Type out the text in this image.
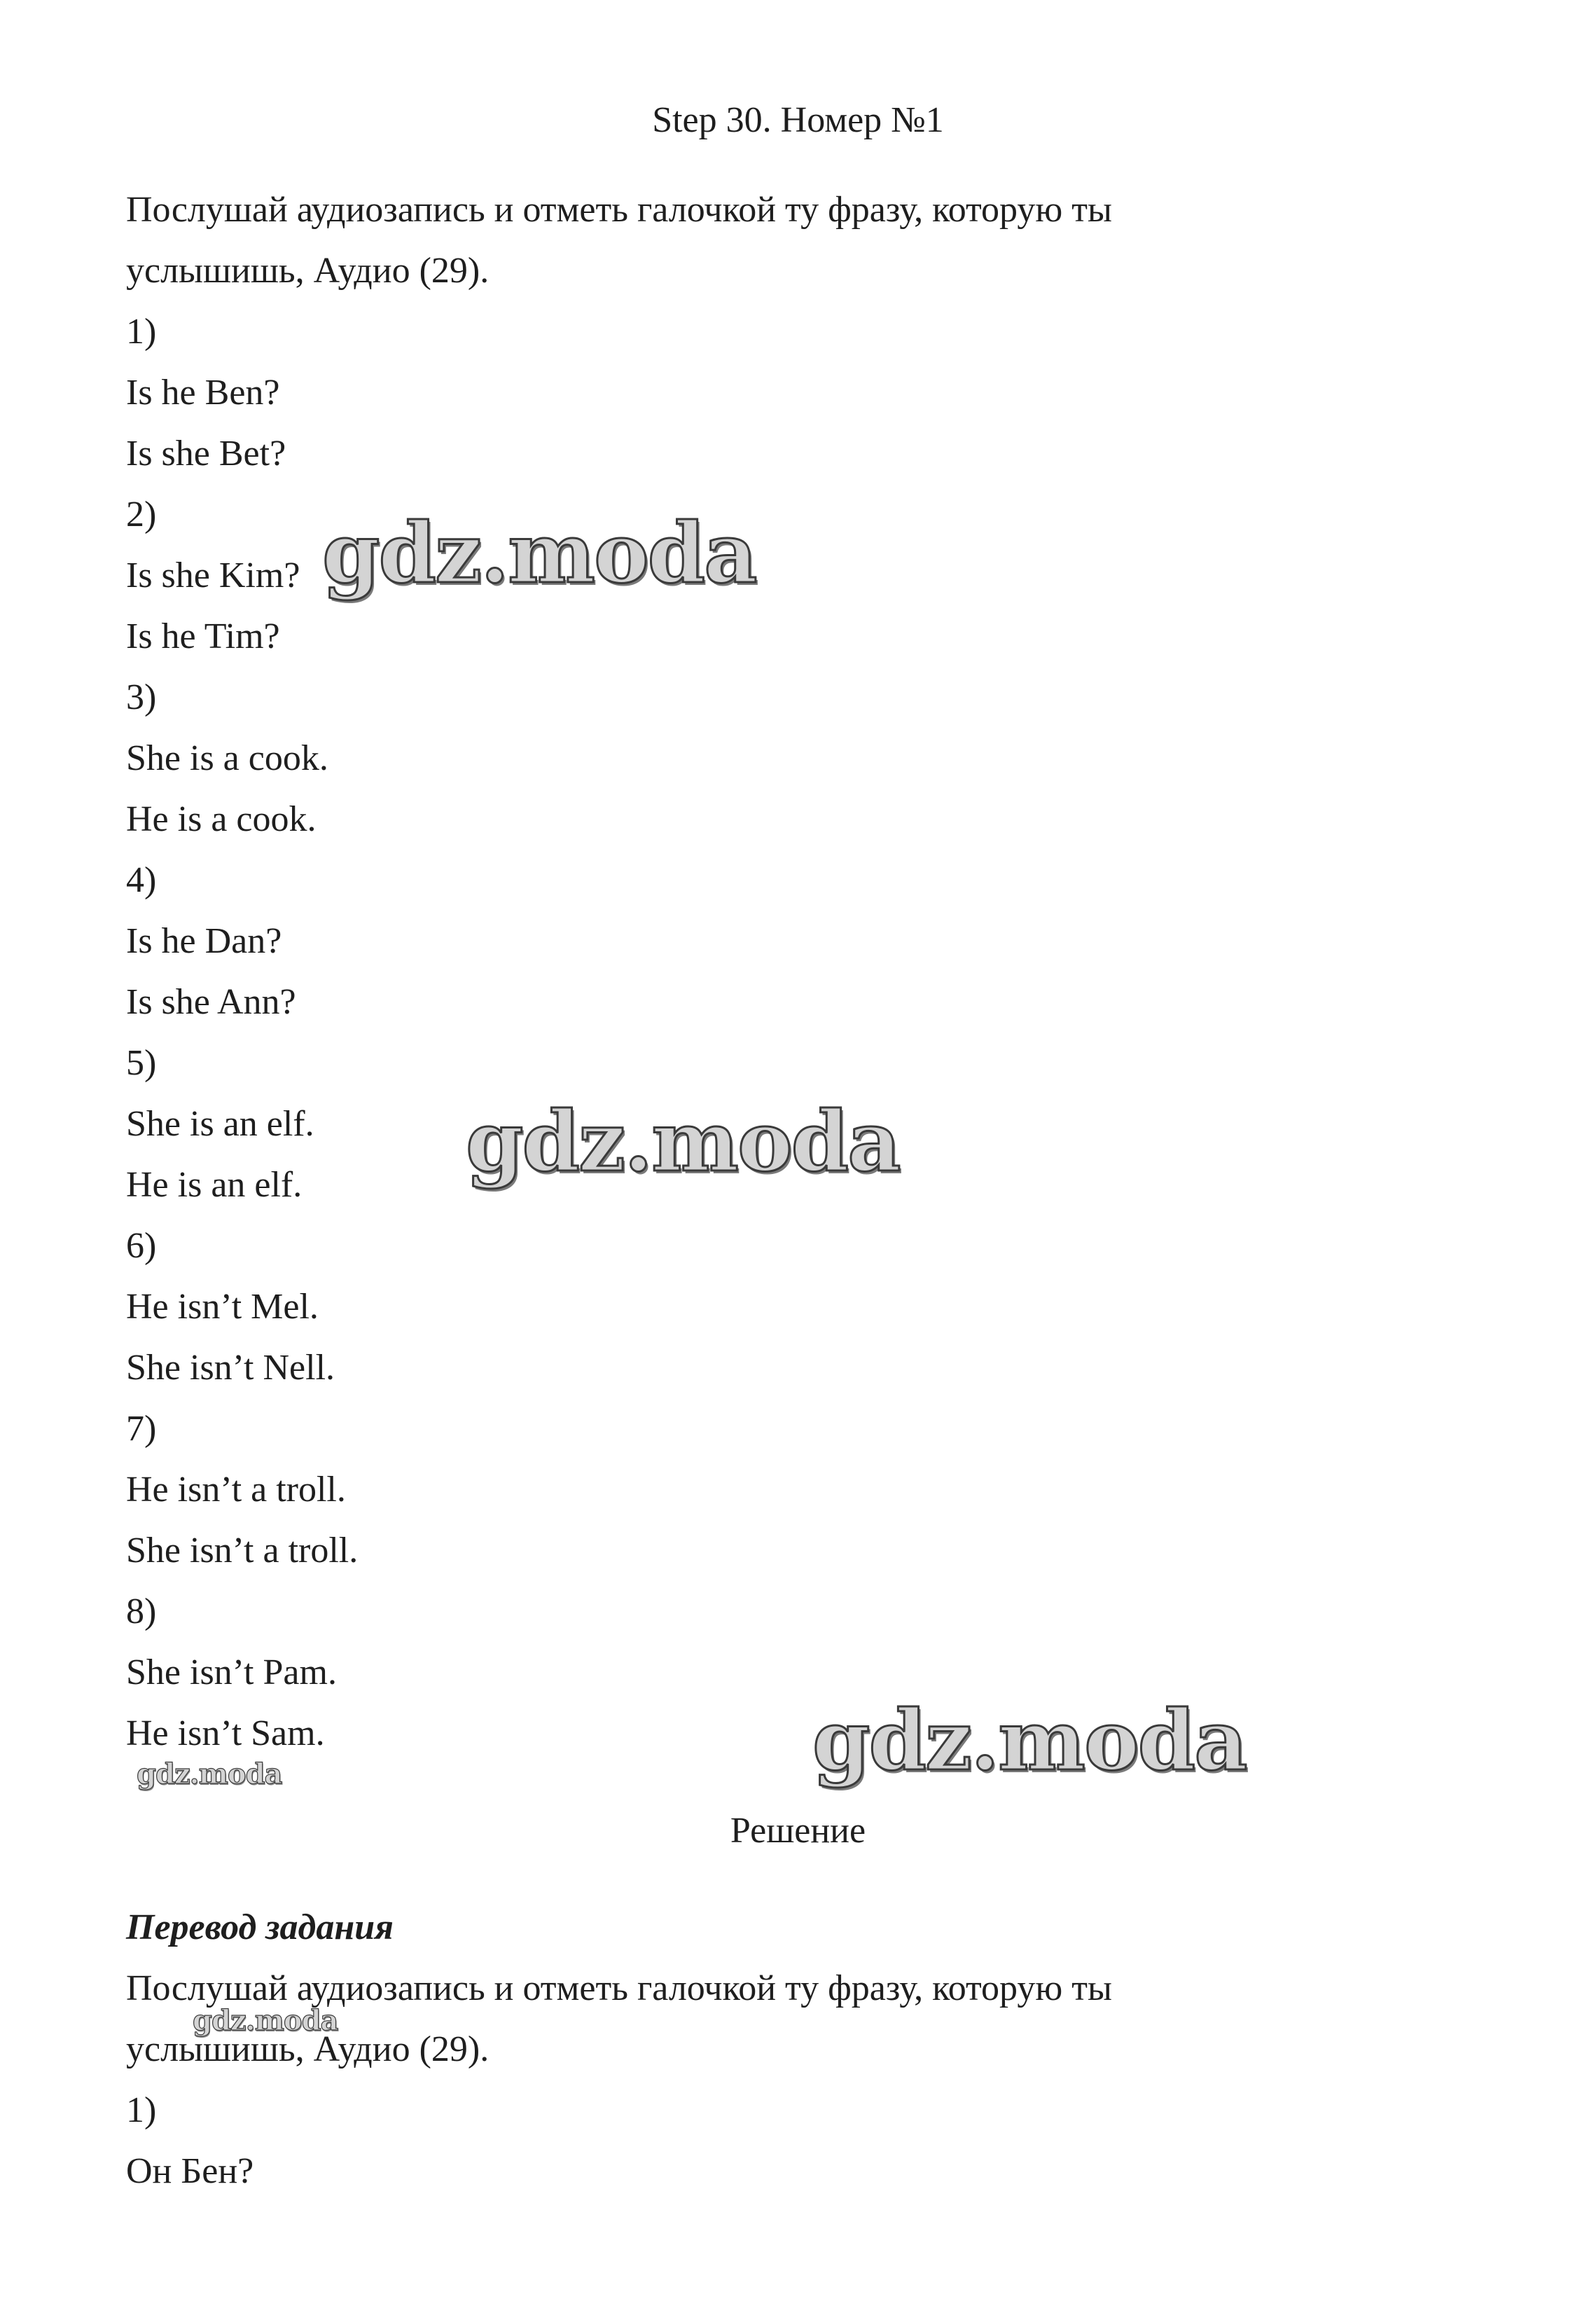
Step 30. Номер №1
Послушай аудиозапись и отметь галочкой ту фразу, которую ты
услышишь, Аудио (29).
1)
Is he Ben?
Is she Bet?
2)
Is she Kim?
Is he Tim?
3)
She is a cook.
He is a cook.
4)
Is he Dan?
Is she Ann?
5)
She is an elf.
He is an elf.
6)
He isn’t Mel.
She isn’t Nell.
7)
He isn’t a troll.
She isn’t a troll.
8)
She isn’t Pam.
He isn’t Sam.
Решение
Перевод задания
Послушай аудиозапись и отметь галочкой ту фразу, которую ты
услышишь, Аудио (29).
1)
Он Бен?
gdz.moda
gdz.moda
gdz.moda
gdz.moda
gdz.moda
